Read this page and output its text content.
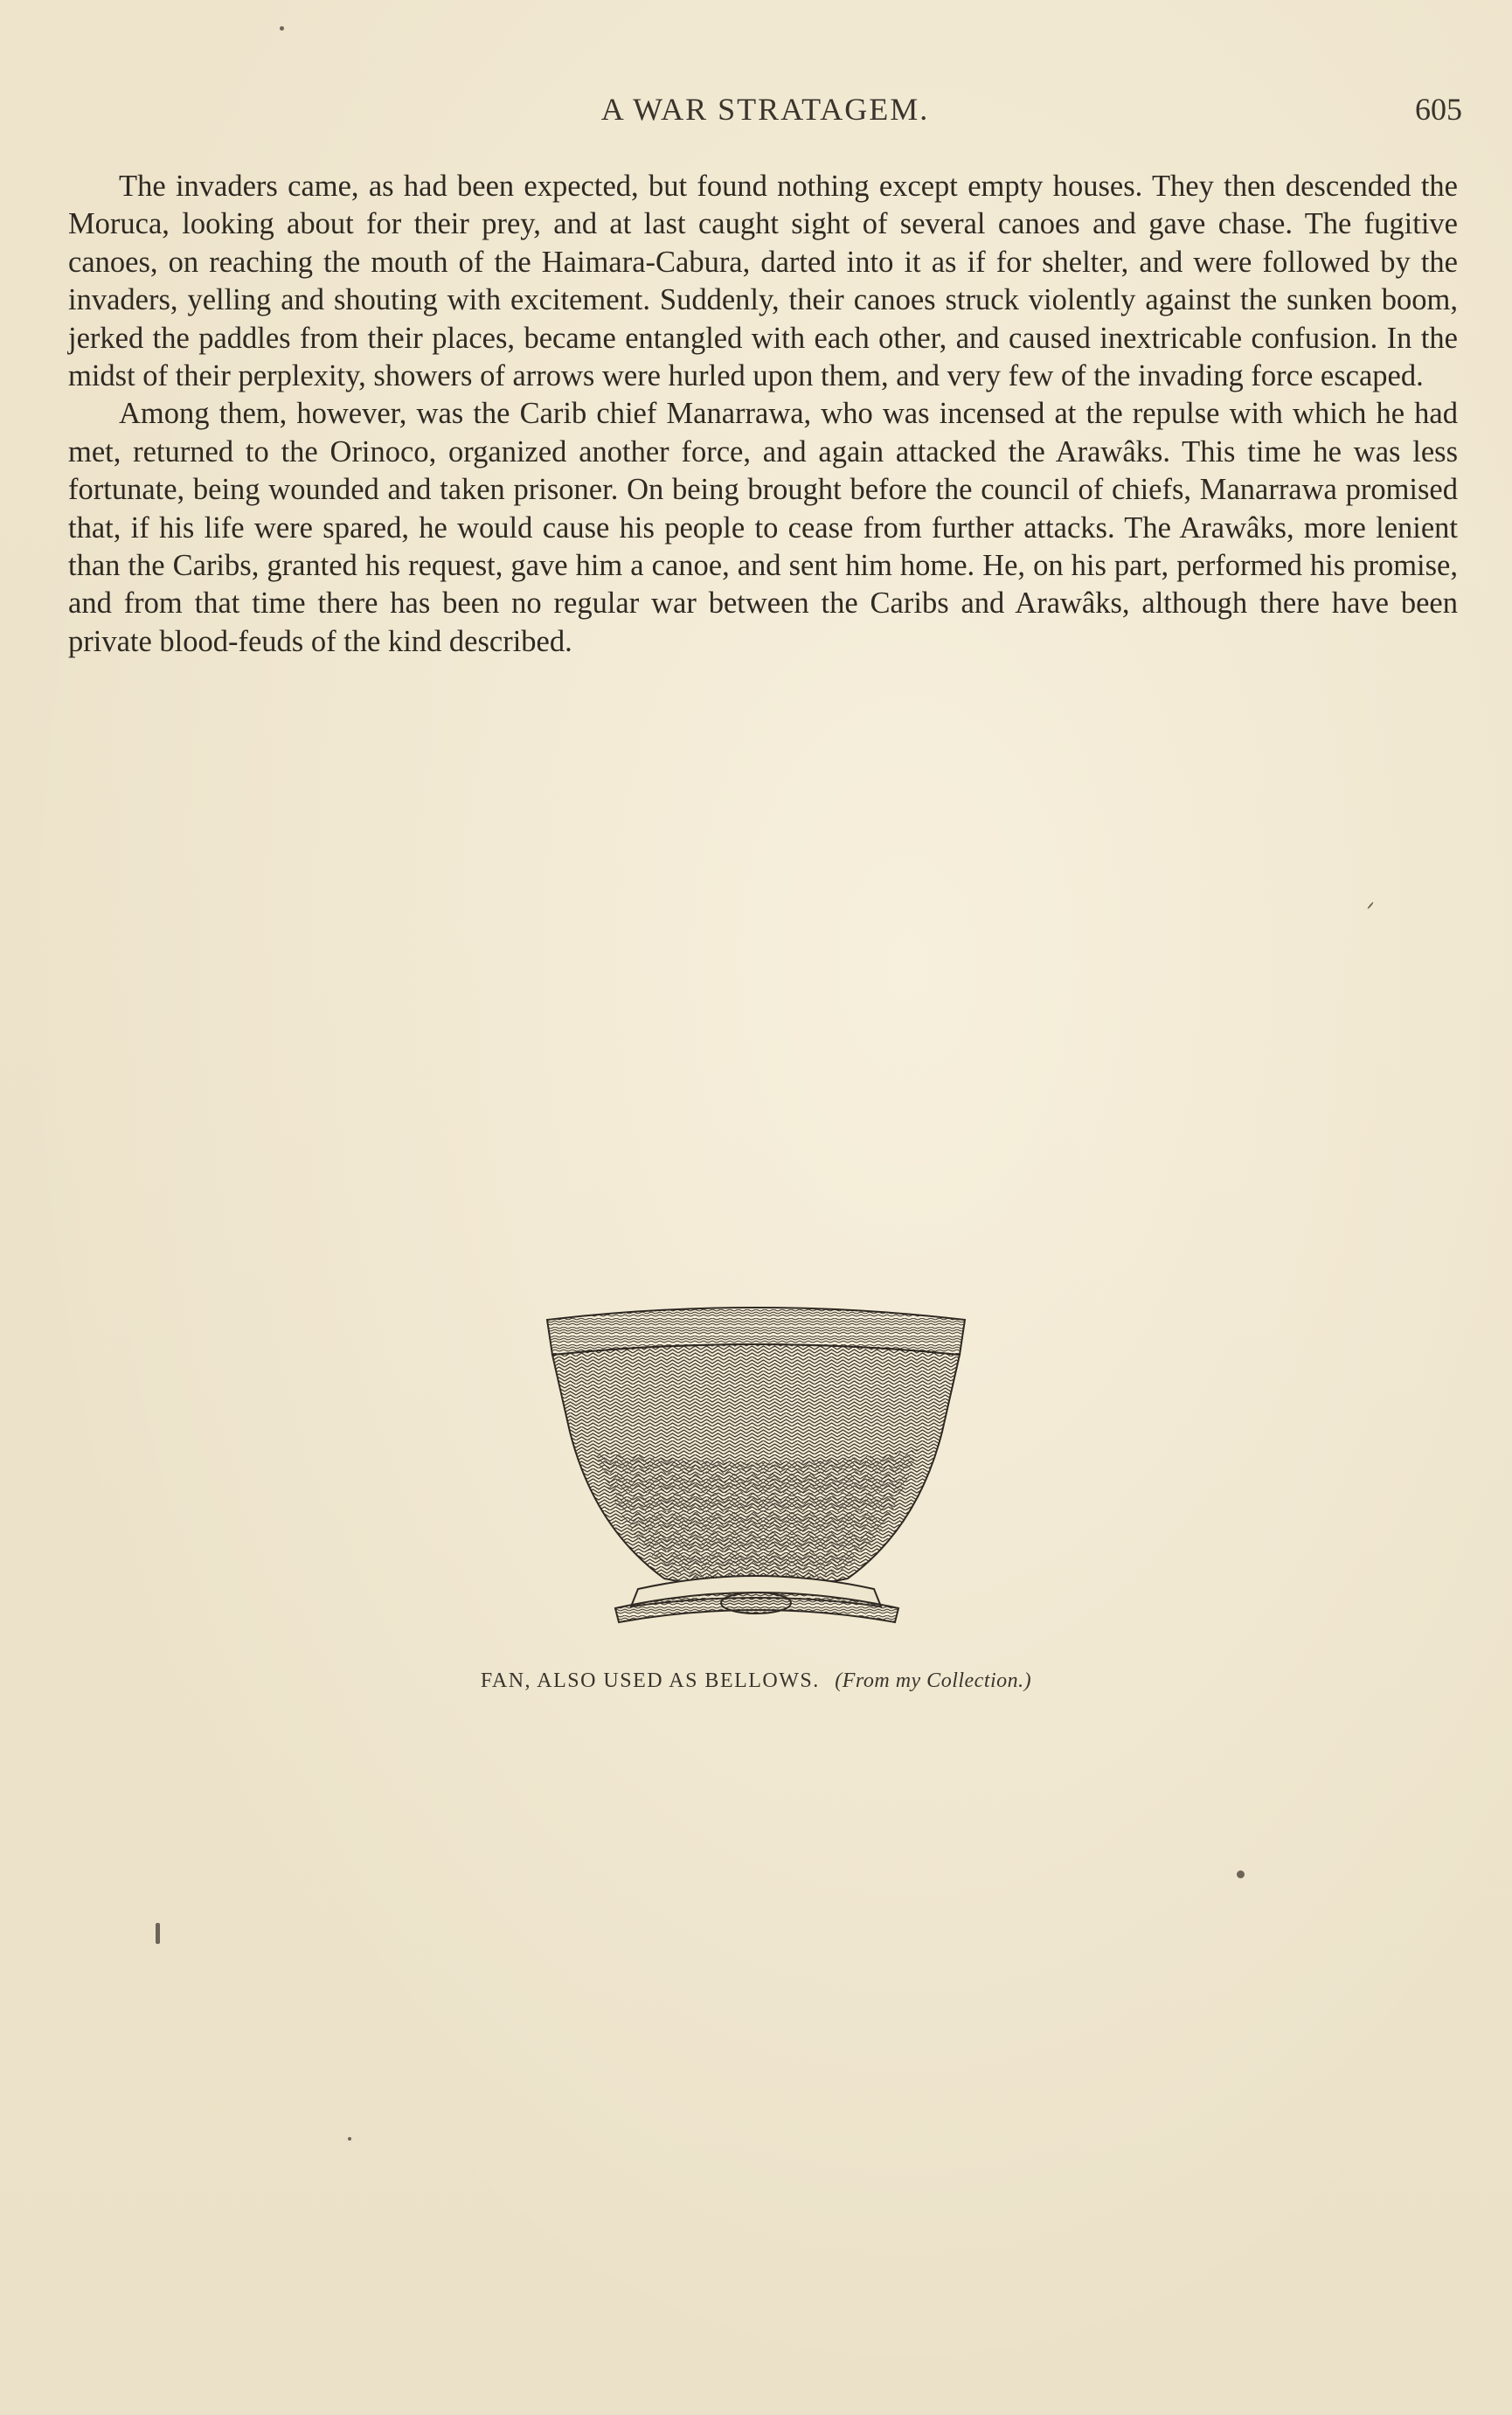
A WAR STRATAGEM.	605

The invaders came, as had been expected, but found nothing except empty houses. They then descended the Moruca, looking about for their prey, and at last caught sight of several canoes and gave chase. The fugitive canoes, on reaching the mouth of the Haimara-Cabura, darted into it as if for shelter, and were followed by the invaders, yelling and shouting with excitement. Suddenly, their canoes struck violently against the sunken boom, jerked the paddles from their places, became entangled with each other, and caused inextricable confusion. In the midst of their perplexity, showers of arrows were hurled upon them, and very few of the invading force escaped.

Among them, however, was the Carib chief Manarrawa, who was incensed at the repulse with which he had met, returned to the Orinoco, organized another force, and again attacked the Arawâks. This time he was less fortunate, being wounded and taken prisoner. On being brought before the council of chiefs, Manarrawa promised that, if his life were spared, he would cause his people to cease from further attacks. The Arawâks, more lenient than the Caribs, granted his request, gave him a canoe, and sent him home. He, on his part, performed his promise, and from that time there has been no regular war between the Caribs and Arawâks, although there have been private blood-feuds of the kind described.

FAN, ALSO USED AS BELLOWS. (From my Collection.)
